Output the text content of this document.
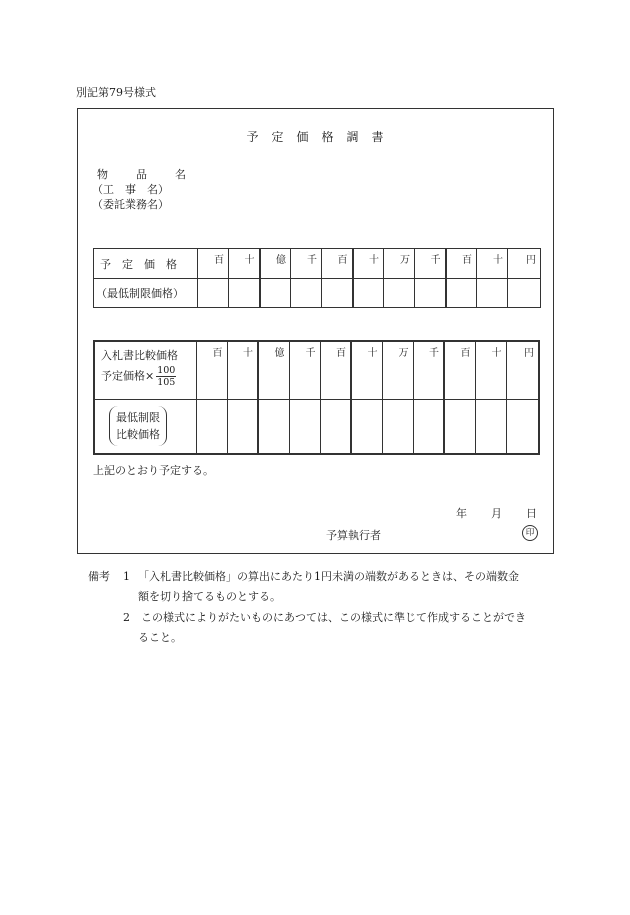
別記第79号様式
予定価格調書
物	品	名
（工　事　名）
（委託業務名）
予　定　価　格	百	十	億	千	百	十	万	千	百	十	円
（最低制限価格）											
入札書比較価格
予定価格× $\frac{100}{105}$	百	十	億	千	百	十	万	千	百	十	円

最低制限
比較価格											

上記のとおり予定する。
年 月 日
予算執行者	印
備考 1 「入札書比較価格」の算出にあたり1円未満の端数があるときは、その端数金
額を切り捨てるものとする。
2 この様式によりがたいものにあつては、この様式に準じて作成することができ
ること。
